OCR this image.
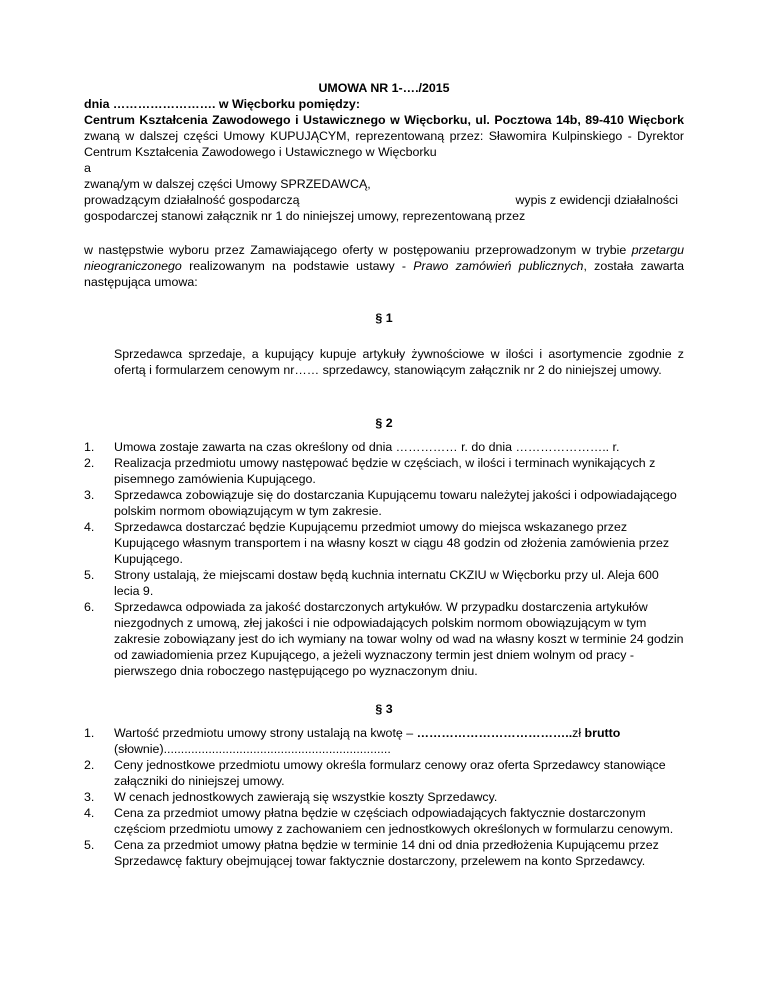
UMOWA NR 1-…./2015

dnia ……………………. w Więcborku pomiędzy:

Centrum Kształcenia Zawodowego i Ustawicznego w Więcborku, ul. Pocztowa 14b, 89-410 Więcbork zwaną w dalszej części Umowy KUPUJĄCYM, reprezentowaną przez: Sławomira Kulpinskiego - Dyrektor Centrum Kształcenia Zawodowego i Ustawicznego w Więcborku

a

zwaną/ym w dalszej części Umowy SPRZEDAWCĄ,

prowadzącym działalność gospodarczą	wypis z ewidencji działalności

gospodarczej stanowi załącznik nr 1 do niniejszej umowy, reprezentowaną przez

w następstwie wyboru przez Zamawiającego oferty w postępowaniu przeprowadzonym w trybie przetargu nieograniczonego realizowanym na podstawie ustawy - Prawo zamówień publicznych, została zawarta następująca umowa:

§ 1

Sprzedawca sprzedaje, a kupujący kupuje artykuły żywnościowe w ilości i asortymencie zgodnie z ofertą i formularzem cenowym nr…… sprzedawcy, stanowiącym załącznik nr 2 do niniejszej umowy.

§ 2

1. Umowa zostaje zawarta na czas określony od dnia …………… r. do dnia ………………….. r.
2. Realizacja przedmiotu umowy następować będzie w częściach, w ilości i terminach wynikających z pisemnego zamówienia Kupującego.
3. Sprzedawca zobowiązuje się do dostarczania Kupującemu towaru należytej jakości i odpowiadającego polskim normom obowiązującym w tym zakresie.
4. Sprzedawca dostarczać będzie Kupującemu przedmiot umowy do miejsca wskazanego przez Kupującego własnym transportem i na własny koszt w ciągu 48 godzin od złożenia zamówienia przez Kupującego.
5. Strony ustalają, że miejscami dostaw będą kuchnia internatu CKZIU w Więcborku przy ul. Aleja 600 lecia 9.
6. Sprzedawca odpowiada za jakość dostarczonych artykułów. W przypadku dostarczenia artykułów niezgodnych z umową, złej jakości i nie odpowiadających polskim normom obowiązującym w tym zakresie zobowiązany jest do ich wymiany na towar wolny od wad na własny koszt w terminie 24 godzin od zawiadomienia przez Kupującego, a jeżeli wyznaczony termin jest dniem wolnym od pracy - pierwszego dnia roboczego następującego po wyznaczonym dniu.

§ 3

1. Wartość przedmiotu umowy strony ustalają na kwotę – ………………………………..zł brutto (słownie)..................................................................
2. Ceny jednostkowe przedmiotu umowy określa formularz cenowy oraz oferta Sprzedawcy stanowiące załączniki do niniejszej umowy.
3. W cenach jednostkowych zawierają się wszystkie koszty Sprzedawcy.
4. Cena za przedmiot umowy płatna będzie w częściach odpowiadających faktycznie dostarczonym częściom przedmiotu umowy z zachowaniem cen jednostkowych określonych w formularzu cenowym.
5. Cena za przedmiot umowy płatna będzie w terminie 14 dni od dnia przedłożenia Kupującemu przez Sprzedawcę faktury obejmującej towar faktycznie dostarczony, przelewem na konto Sprzedawcy.
